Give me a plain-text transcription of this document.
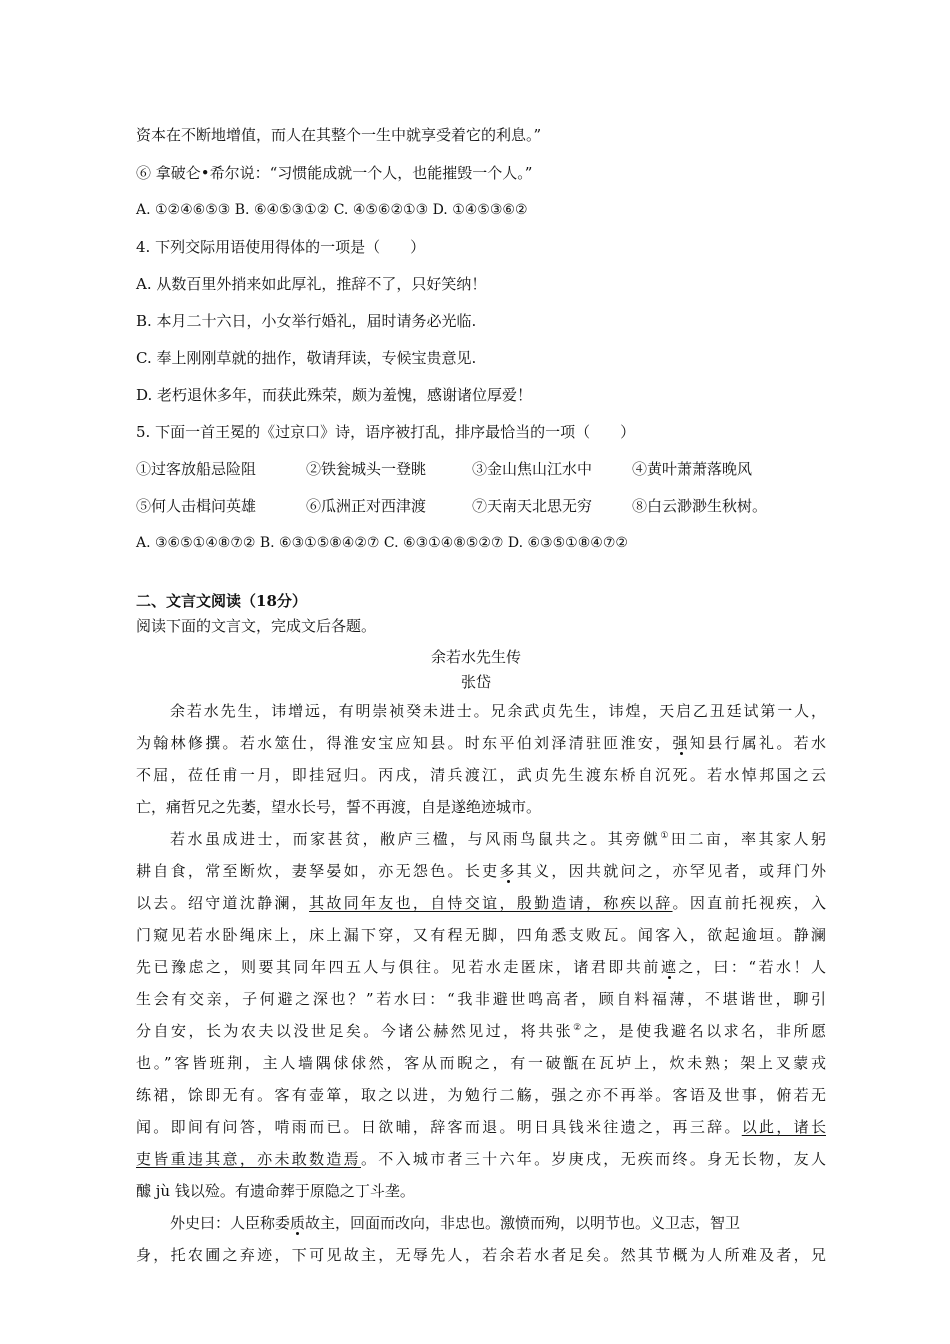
资本在不断地增值，而人在其整个一生中就享受着它的利息。”
⑥ 拿破仑•希尔说：“习惯能成就一个人，也能摧毁一个人。”
A. ①②④⑥⑤③ B. ⑥④⑤③①② C. ④⑤⑥②①③ D. ①④⑤③⑥②
4. 下列交际用语使用得体的一项是（　　）
A. 从数百里外捎来如此厚礼，推辞不了，只好笑纳！
B. 本月二十六日，小女举行婚礼，届时请务必光临.
C. 奉上刚刚草就的拙作，敬请拜读，专候宝贵意见.
D. 老朽退休多年，而获此殊荣，颇为羞愧，感谢诸位厚爱！
5. 下面一首王冕的《过京口》诗，语序被打乱，排序最恰当的一项（　　）
①过客放船忌险阻	②铁瓮城头一登眺	③金山焦山江水中	④黄叶萧萧落晚风
⑤何人击楫问英雄	⑥瓜洲正对西津渡	⑦天南天北思无穷	⑧白云渺渺生秋树。
A. ③⑥⑤①④⑧⑦② B. ⑥③①⑤⑧④②⑦ C. ⑥③①④⑧⑤②⑦ D. ⑥③⑤①⑧④⑦②
二、文言文阅读（18分）
阅读下面的文言文，完成文后各题。
余若水先生传
张岱
余若水先生，讳增远，有明崇祯癸未进士。兄余武贞先生，讳煌，天启乙丑廷试第一人，
为翰林修撰。若水筮仕，得淮安宝应知县。时东平伯刘泽清驻匝淮安，强知县行属礼。若水
不屈，莅任甫一月，即挂冠归。丙戌，清兵渡江，武贞先生渡东桥自沉死。若水悼邦国之云
亡，痛哲兄之先萎，望水长号，誓不再渡，自是遂绝迹城市。
若水虽成进士，而家甚贫，敝庐三楹，与风雨鸟鼠共之。其旁僦①田二亩，率其家人躬
耕自食，常至断炊，妻孥晏如，亦无怨色。长吏多其义，因共就问之，亦罕见者，或拜门外
以去。绍守道沈静澜，其故同年友也，自恃交谊，殷勤造请，称疾以辞。因直前托视疾，入
门窥见若水卧绳床上，床上漏下穿，又有程无脚，四角悉支败瓦。闻客入，欲起逾垣。静澜
先已豫虑之，则要其同年四五人与俱往。见若水走匿床，诸君即共前遮之，曰：“若水！人
生会有交亲，子何避之深也？”若水曰：“我非避世鸣高者，顾自料福薄，不堪谐世，聊引
分自安，长为农夫以没世足矣。今诸公赫然见过，将共张②之，是使我避名以求名，非所愿
也。”客皆班荆，主人墙隅俅俅然，客从而睨之，有一破甑在瓦垆上，炊未熟；架上叉蒙戎
练裙，馀即无有。客有壶箪，取之以进，为勉行二觞，强之亦不再举。客语及世事，俯若无
闻。即间有问答，啃雨而已。日欲晡，辞客而退。明日具钱米往遗之，再三辞。以此，诸长
吏皆重违其意，亦未敢数造焉。不入城市者三十六年。岁庚戌，无疾而终。身无长物，友人
醵 jù 钱以殓。有遗命葬于原隐之丁斗垄。
外史曰：人臣称委质故主，回面而改向，非忠也。激愤而殉，以明节也。义卫志，智卫
身，托农圃之弃迹，下可见故主，无辱先人，若余若水者足矣。然其节概为人所难及者，兄
